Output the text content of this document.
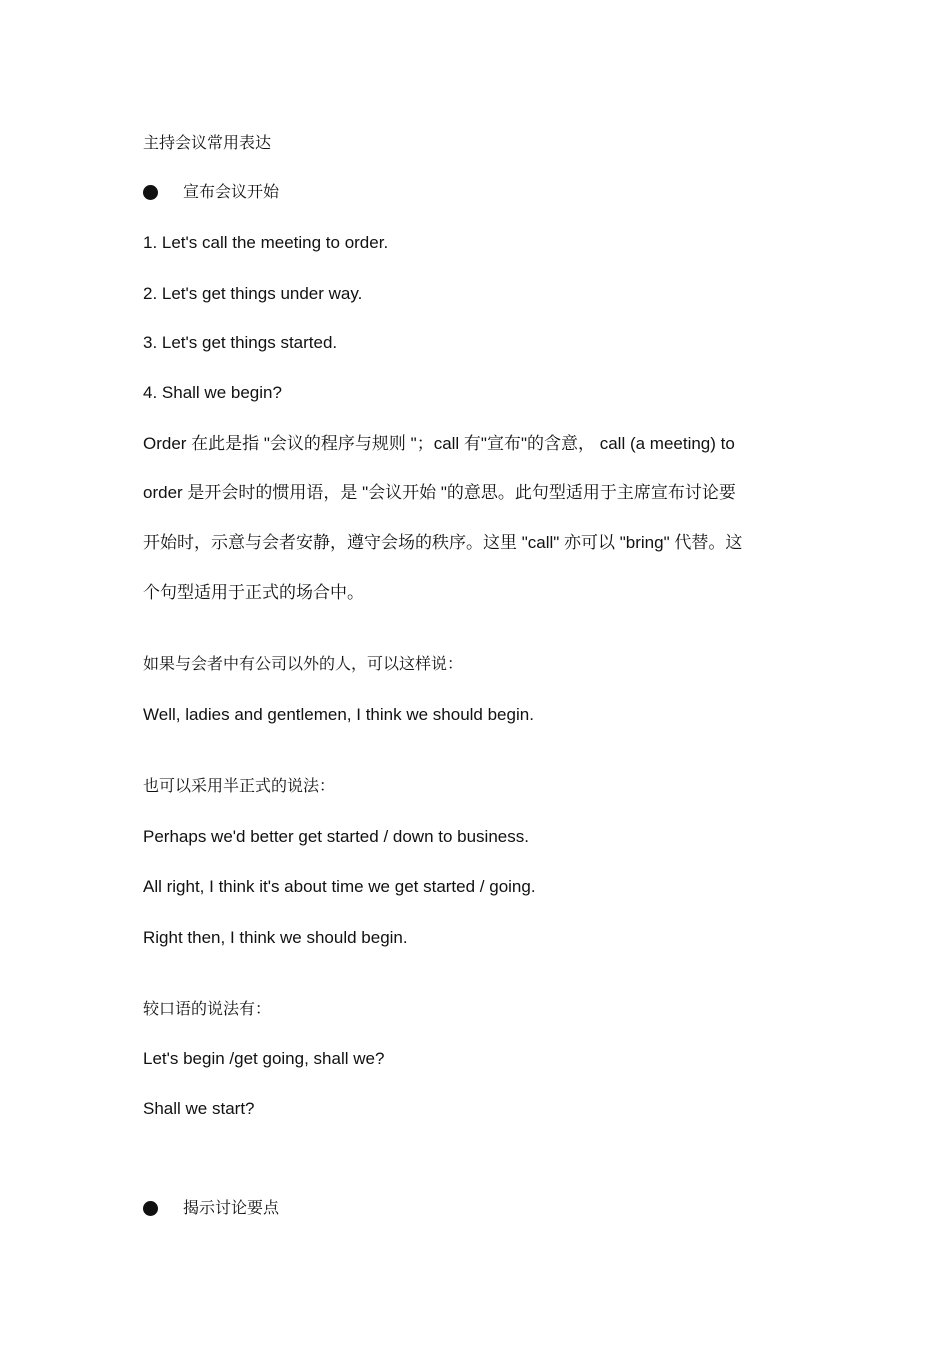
主持会议常用表达
宣布会议开始
1. Let's call the meeting to order.
2. Let's get things under way.
3. Let's get things started.
4. Shall we begin?
Order 在此是指 "会议的程序与规则 "；call 有"宣布"的含意， call (a meeting) to
order 是开会时的惯用语，是 "会议开始 "的意思。此句型适用于主席宣布讨论要
开始时，示意与会者安静，遵守会场的秩序。这里 "call" 亦可以 "bring" 代替。这
个句型适用于正式的场合中。
如果与会者中有公司以外的人，可以这样说：
Well, ladies and gentlemen, I think we should begin.
也可以采用半正式的说法：
Perhaps we'd better get started / down to business.
All right, I think it's about time we get started / going.
Right then, I think we should begin.
较口语的说法有：
Let's begin /get going, shall we?
Shall we start?
揭示讨论要点
